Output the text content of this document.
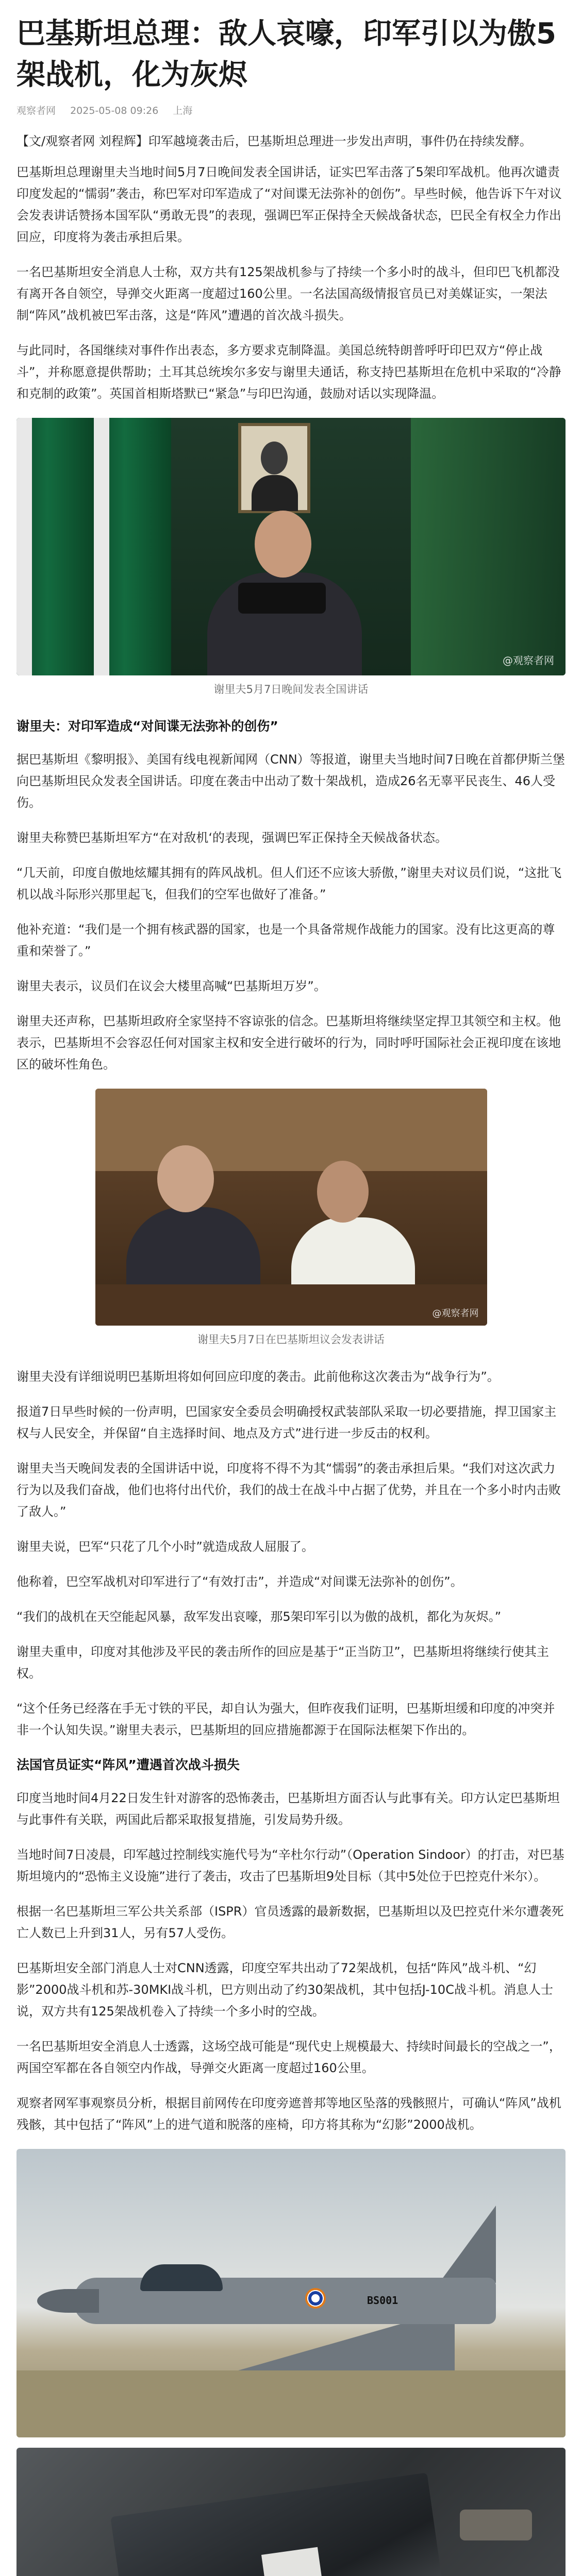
巴基斯坦总理：敌人哀嚎，印军引以为傲5架战机，化为灰烬
观察者网 2025-05-08 09:26 上海

【文/观察者网 刘程辉】印军越境袭击后，巴基斯坦总理进一步发出声明，事件仍在持续发酵。

巴基斯坦总理谢里夫当地时间5月7日晚间发表全国讲话，证实巴军击落了5架印军战机。他再次谴责印度发起的“懦弱”袭击，称巴军对印军造成了“对间谍无法弥补的创伤”。早些时候，他告诉下午对议会发表讲话赞扬本国军队“勇敢无畏”的表现，强调巴军正保持全天候战备状态，巴民全有权全力作出回应，印度将为袭击承担后果。

一名巴基斯坦安全消息人士称，双方共有125架战机参与了持续一个多小时的战斗，但印巴飞机都没有离开各自领空，导弹交火距离一度超过160公里。一名法国高级情报官员已对美媒证实，一架法制“阵风”战机被巴军击落，这是“阵风”遭遇的首次战斗损失。

与此同时，各国继续对事件作出表态，多方要求克制降温。美国总统特朗普呼吁印巴双方“停止战斗”，并称愿意提供帮助；土耳其总统埃尔多安与谢里夫通话，称支持巴基斯坦在危机中采取的“冷静和克制的政策”。英国首相斯塔默已“紧急”与印巴沟通，鼓励对话以实现降温。

@观察者网
谢里夫5月7日晚间发表全国讲话
谢里夫：对印军造成“对间谍无法弥补的创伤”

据巴基斯坦《黎明报》、美国有线电视新闻网（CNN）等报道，谢里夫当地时间7日晚在首都伊斯兰堡向巴基斯坦民众发表全国讲话。印度在袭击中出动了数十架战机，造成26名无辜平民丧生、46人受伤。

谢里夫称赞巴基斯坦军方“在对敌机‘的表现，强调巴军正保持全天候战备状态。

“几天前，印度自傲地炫耀其拥有的阵风战机。但人们还不应该大骄傲，”谢里夫对议员们说，“这批飞机以战斗际形兴那里起飞，但我们的空军也做好了准备。”

他补充道：“我们是一个拥有核武器的国家，也是一个具备常规作战能力的国家。没有比这更高的尊重和荣誉了。”

谢里夫表示，议员们在议会大楼里高喊“巴基斯坦万岁”。

谢里夫还声称，巴基斯坦政府全家坚持不容谅张的信念。巴基斯坦将继续坚定捍卫其领空和主权。他表示，巴基斯坦不会容忍任何对国家主权和安全进行破坏的行为，同时呼吁国际社会正视印度在该地区的破坏性角色。

@观察者网
谢里夫5月7日在巴基斯坦议会发表讲话

谢里夫没有详细说明巴基斯坦将如何回应印度的袭击。此前他称这次袭击为“战争行为”。

报道7日早些时候的一份声明，巴国家安全委员会明确授权武装部队采取一切必要措施，捍卫国家主权与人民安全，并保留“自主选择时间、地点及方式”进行进一步反击的权利。

谢里夫当天晚间发表的全国讲话中说，印度将不得不为其“懦弱”的袭击承担后果。“我们对这次武力行为以及我们奋战，他们也将付出代价，我们的战士在战斗中占据了优势，并且在一个多小时内击败了敌人。”

谢里夫说，巴军“只花了几个小时”就造成敌人屈服了。

他称着，巴空军战机对印军进行了“有效打击”，并造成“对间谍无法弥补的创伤”。

“我们的战机在天空能起风暴，敌军发出哀嚎，那5架印军引以为傲的战机，都化为灰烬。”

谢里夫重申，印度对其他涉及平民的袭击所作的回应是基于“正当防卫”，巴基斯坦将继续行使其主权。

“这个任务已经落在手无寸铁的平民，却自认为强大，但昨夜我们证明，巴基斯坦缓和印度的冲突并非一个认知失误。”谢里夫表示，巴基斯坦的回应措施都源于在国际法框架下作出的。

法国官员证实“阵风”遭遇首次战斗损失

印度当地时间4月22日发生针对游客的恐怖袭击，巴基斯坦方面否认与此事有关。印方认定巴基斯坦与此事件有关联，两国此后都采取报复措施，引发局势升级。

当地时间7日凌晨，印军越过控制线实施代号为“辛杜尔行动”（Operation Sindoor）的打击，对巴基斯坦境内的“恐怖主义设施”进行了袭击，攻击了巴基斯坦9处目标（其中5处位于巴控克什米尔）。

根据一名巴基斯坦三军公共关系部（ISPR）官员透露的最新数据，巴基斯坦以及巴控克什米尔遭袭死亡人数已上升到31人，另有57人受伤。

巴基斯坦安全部门消息人士对CNN透露，印度空军共出动了72架战机，包括“阵风”战斗机、“幻影”2000战斗机和苏-30MKI战斗机，巴方则出动了约30架战机，其中包括J-10C战斗机。消息人士说，双方共有125架战机卷入了持续一个多小时的空战。

一名巴基斯坦安全消息人士透露，这场空战可能是“现代史上规模最大、持续时间最长的空战之一”，两国空军都在各自领空内作战，导弹交火距离一度超过160公里。

观察者网军事观察员分析，根据目前网传在印度旁遮普邦等地区坠落的残骸照片，可确认“阵风”战机残骸，其中包括了“阵风”上的进气道和脱落的座椅，印方将其称为“幻影”2000战机。

BS001
